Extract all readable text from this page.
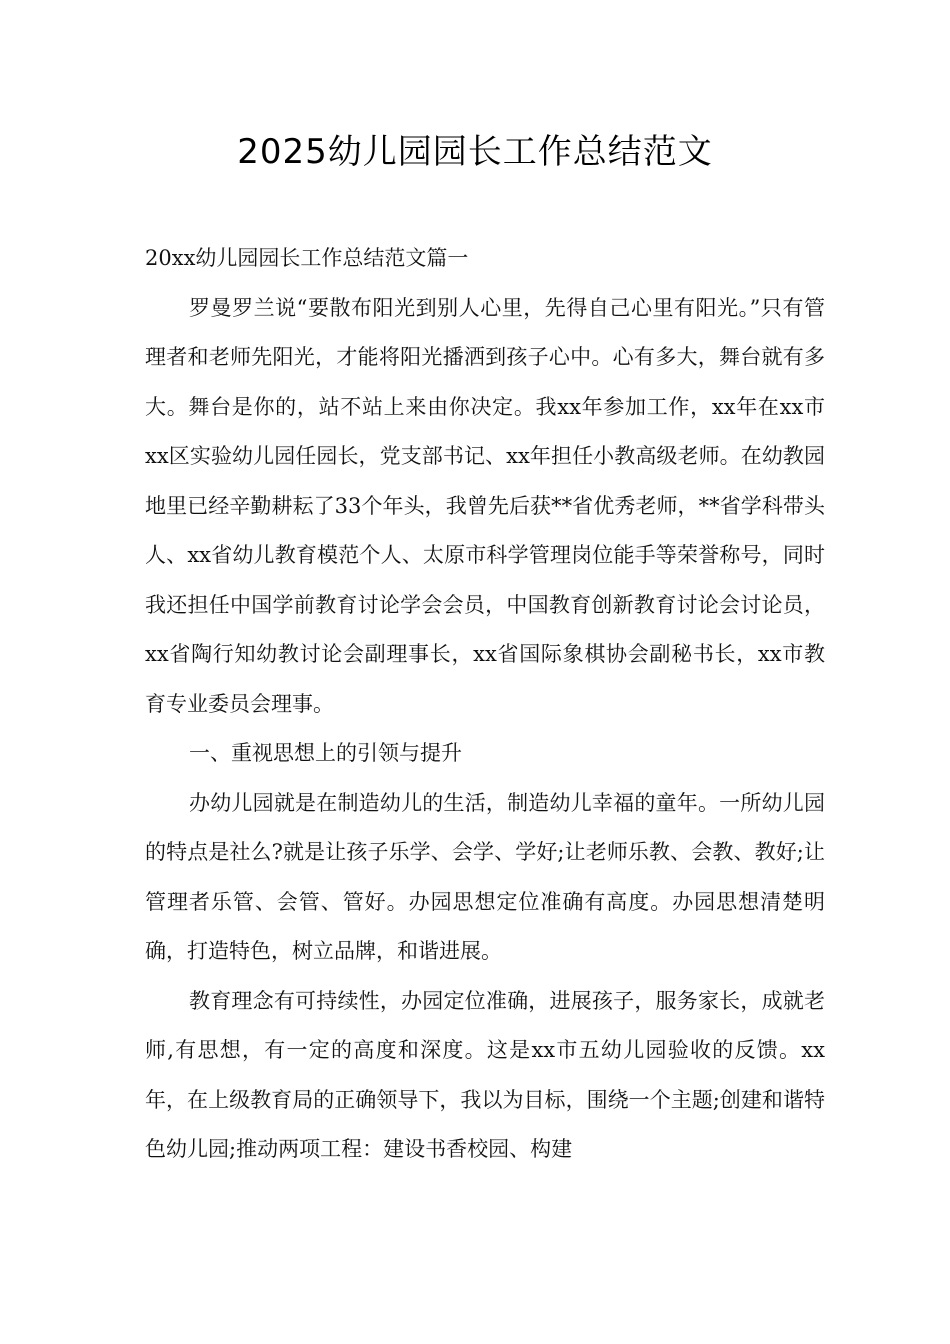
2025幼儿园园长工作总结范文

20xx幼儿园园长工作总结范文篇一

罗曼罗兰说“要散布阳光到别人心里，先得自己心里有阳光。”只有管理者和老师先阳光，才能将阳光播洒到孩子心中。心有多大，舞台就有多大。舞台是你的，站不站上来由你决定。我xx年参加工作，xx年在xx市xx区实验幼儿园任园长，党支部书记、xx年担任小教高级老师。在幼教园地里已经辛勤耕耘了33个年头，我曾先后获**省优秀老师，**省学科带头人、xx省幼儿教育模范个人、太原市科学管理岗位能手等荣誉称号，同时我还担任中国学前教育讨论学会会员，中国教育创新教育讨论会讨论员，xx省陶行知幼教讨论会副理事长，xx省国际象棋协会副秘书长，xx市教育专业委员会理事。

一、重视思想上的引领与提升

办幼儿园就是在制造幼儿的生活，制造幼儿幸福的童年。一所幼儿园的特点是社么?就是让孩子乐学、会学、学好;让老师乐教、会教、教好;让管理者乐管、会管、管好。办园思想定位准确有高度。办园思想清楚明确，打造特色，树立品牌，和谐进展。

教育理念有可持续性，办园定位准确，进展孩子，服务家长，成就老师,有思想，有一定的高度和深度。这是xx市五幼儿园验收的反馈。xx年，在上级教育局的正确领导下，我以为目标，围绕一个主题;创建和谐特色幼儿园;推动两项工程：建设书香校园、构建
